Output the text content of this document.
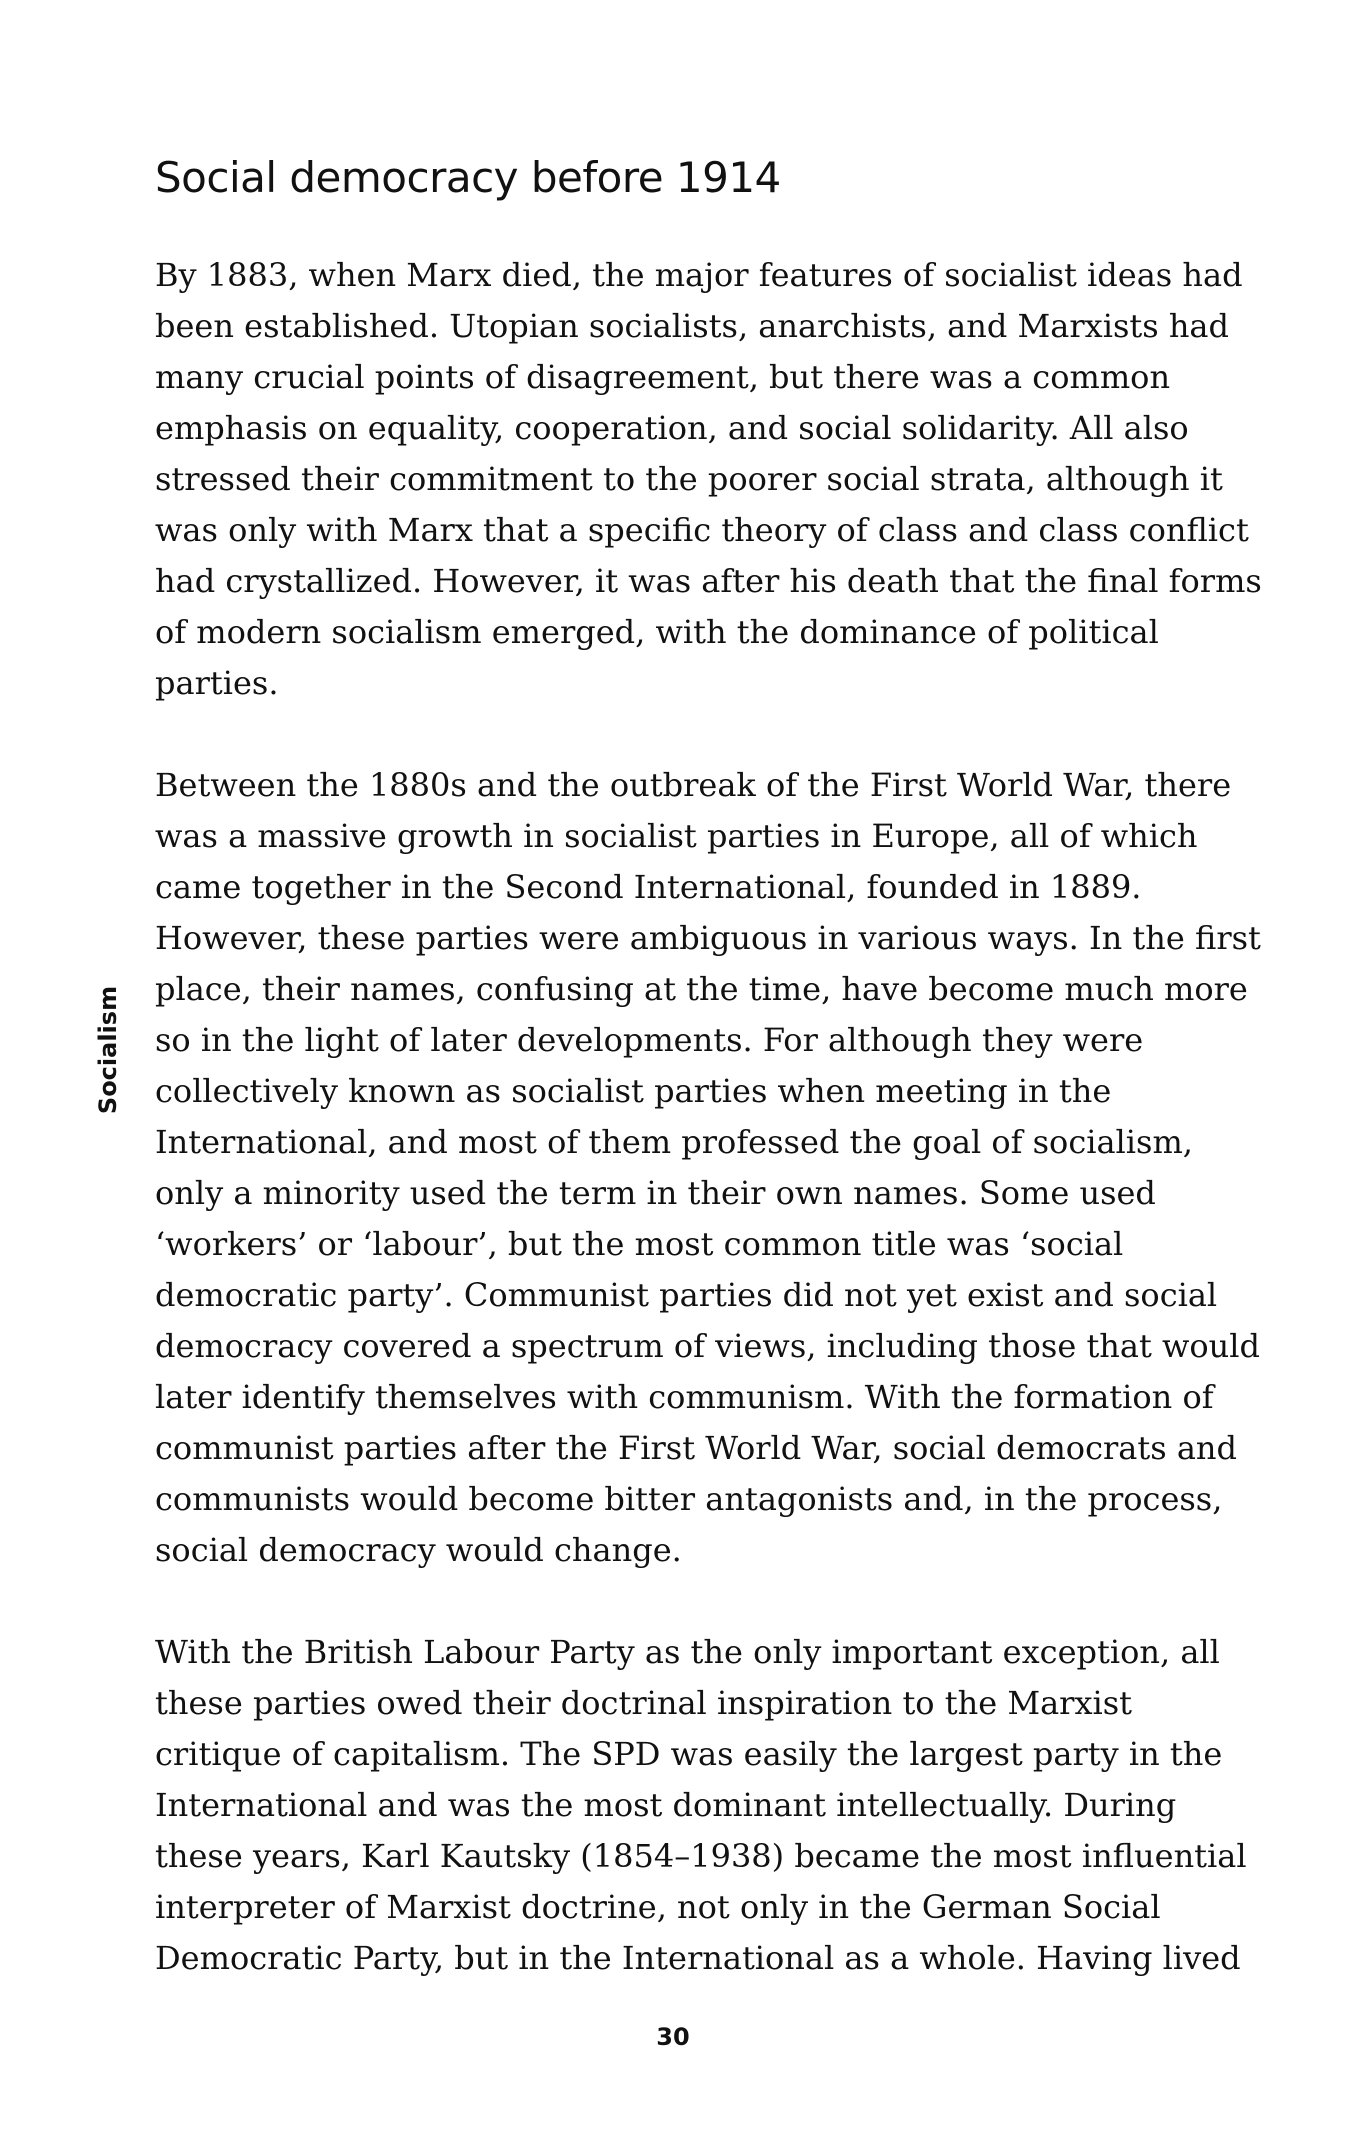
Social democracy before 1914
Socialism

By 1883, when Marx died, the major features of socialist ideas had
been established. Utopian socialists, anarchists, and Marxists had
many crucial points of disagreement, but there was a common
emphasis on equality, cooperation, and social solidarity. All also
stressed their commitment to the poorer social strata, although it
was only with Marx that a specific theory of class and class conflict
had crystallized. However, it was after his death that the final forms
of modern socialism emerged, with the dominance of political
parties.

Between the 1880s and the outbreak of the First World War, there
was a massive growth in socialist parties in Europe, all of which
came together in the Second International, founded in 1889.
However, these parties were ambiguous in various ways. In the first
place, their names, confusing at the time, have become much more
so in the light of later developments. For although they were
collectively known as socialist parties when meeting in the
International, and most of them professed the goal of socialism,
only a minority used the term in their own names. Some used
‘workers’ or ‘labour’, but the most common title was ‘social
democratic party’. Communist parties did not yet exist and social
democracy covered a spectrum of views, including those that would
later identify themselves with communism. With the formation of
communist parties after the First World War, social democrats and
communists would become bitter antagonists and, in the process,
social democracy would change.

With the British Labour Party as the only important exception, all
these parties owed their doctrinal inspiration to the Marxist
critique of capitalism. The SPD was easily the largest party in the
International and was the most dominant intellectually. During
these years, Karl Kautsky (1854–1938) became the most influential
interpreter of Marxist doctrine, not only in the German Social
Democratic Party, but in the International as a whole. Having lived

30
